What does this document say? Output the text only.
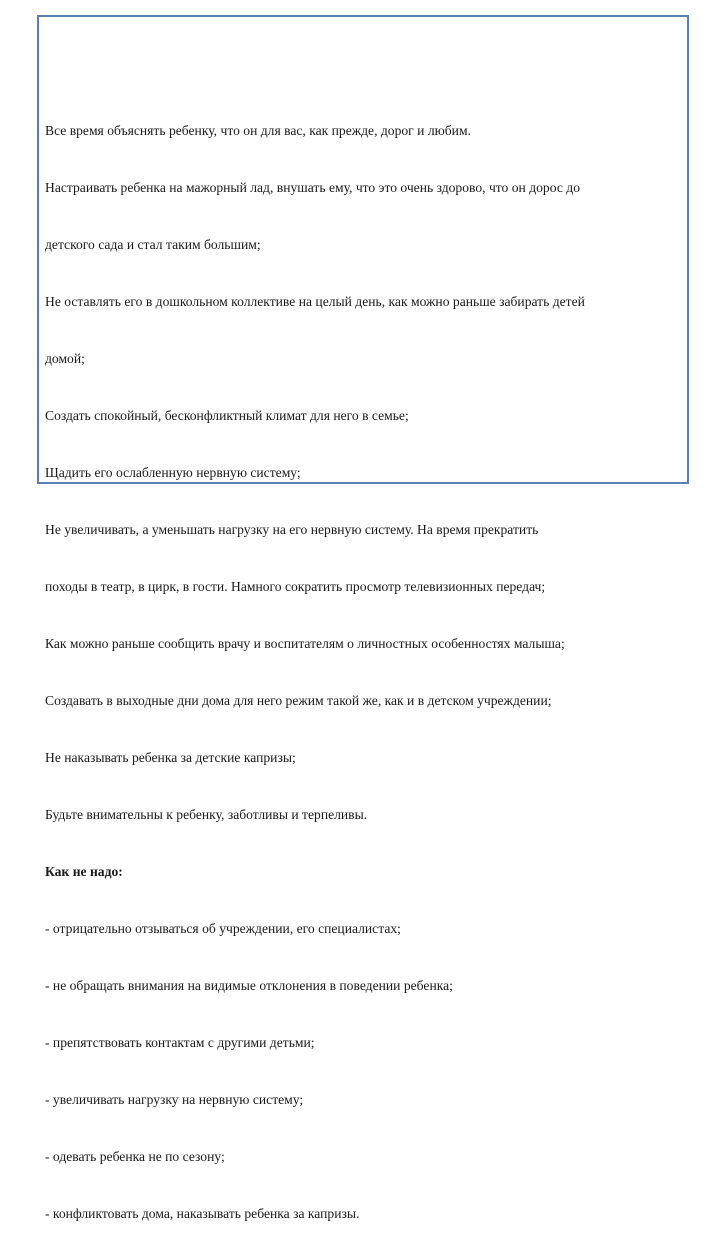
Все время объяснять ребенку, что он для вас, как прежде, дорог и любим.

Настраивать ребенка на мажорный лад, внушать ему, что это очень здорово, что он дорос до

детского сада и стал таким большим;

Не оставлять его в дошкольном коллективе на целый день, как можно раньше забирать детей

домой;

Создать спокойный, бесконфликтный климат для него в семье;

Щадить его ослабленную нервную систему;

Не увеличивать, а уменьшать нагрузку на его нервную систему. На время прекратить

походы в театр, в цирк, в гости. Намного сократить просмотр телевизионных передач;

Как можно раньше сообщить врачу и воспитателям о личностных особенностях малыша;

Создавать в выходные дни дома для него режим такой же, как и в детском учреждении;

Не наказывать ребенка за детские капризы;

Будьте внимательны к ребенку, заботливы и терпеливы.

Как не надо:

- отрицательно отзываться об учреждении, его специалистах;

- не обращать внимания на видимые отклонения в поведении ребенка;

- препятствовать контактам с другими детьми;

- увеличивать нагрузку на нервную систему;

- одевать ребенка не по сезону;

- конфликтовать дома, наказывать ребенка за капризы.
